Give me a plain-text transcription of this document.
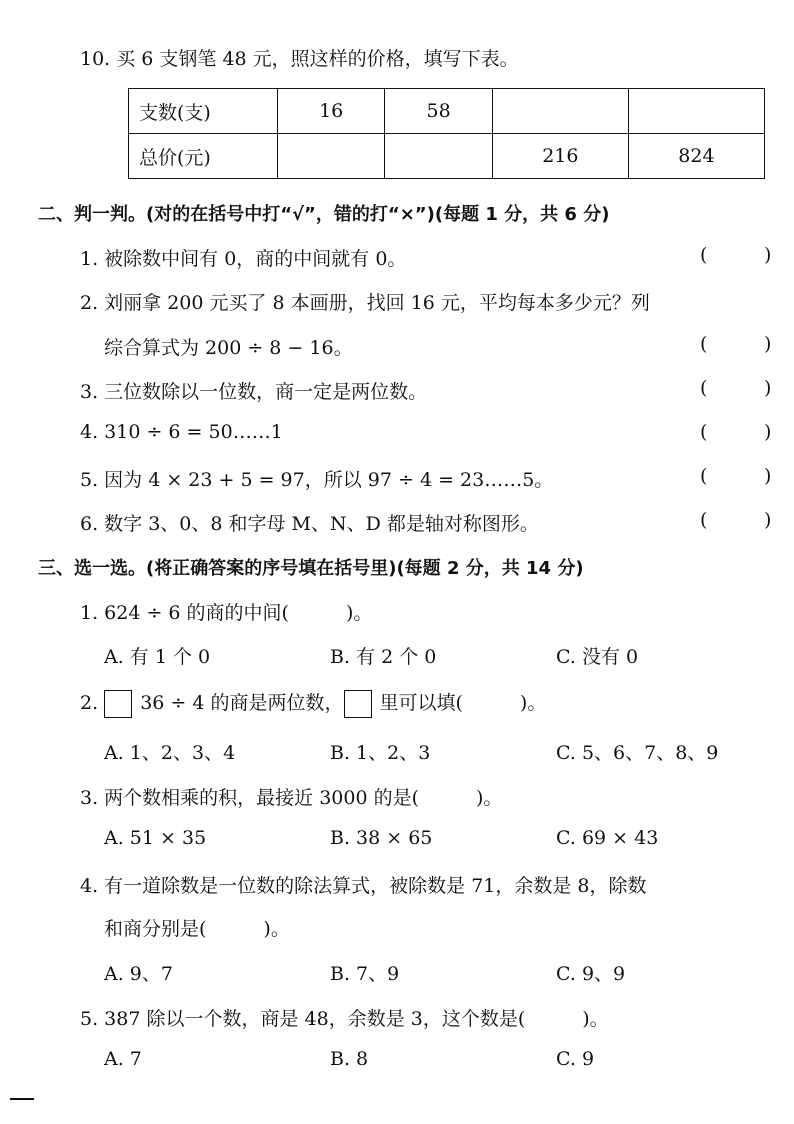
10. 买 6 支钢笔 48 元，照这样的价格，填写下表。
支数(支)	16	58		
总价(元)			216	824
二、判一判。(对的在括号中打“√”，错的打“×”)(每题 1 分，共 6 分)
1. 被除数中间有 0，商的中间就有 0。	(	)
2. 刘丽拿 200 元买了 8 本画册，找回 16 元，平均每本多少元？列
综合算式为 200 ÷ 8 − 16。	(	)
3. 三位数除以一位数，商一定是两位数。	(	)
4. 310 ÷ 6 = 50……1	(	)
5. 因为 4 × 23 + 5 = 97，所以 97 ÷ 4 = 23……5。	(	)
6. 数字 3、0、8 和字母 M、N、D 都是轴对称图形。	(	)
三、选一选。(将正确答案的序号填在括号里)(每题 2 分，共 14 分)
1. 624 ÷ 6 的商的中间(　　　)。
A. 有 1 个 0	B. 有 2 个 0	C. 没有 0
2. 36 ÷ 4 的商是两位数， 里可以填(　　　)。
A. 1、2、3、4	B. 1、2、3	C. 5、6、7、8、9
3. 两个数相乘的积，最接近 3000 的是(　　　)。
A. 51 × 35	B. 38 × 65	C. 69 × 43
4. 有一道除数是一位数的除法算式，被除数是 71，余数是 8，除数
和商分别是(　　　)。
A. 9、7	B. 7、9	C. 9、9
5. 387 除以一个数，商是 48，余数是 3，这个数是(　　　)。
A. 7	B. 8	C. 9
